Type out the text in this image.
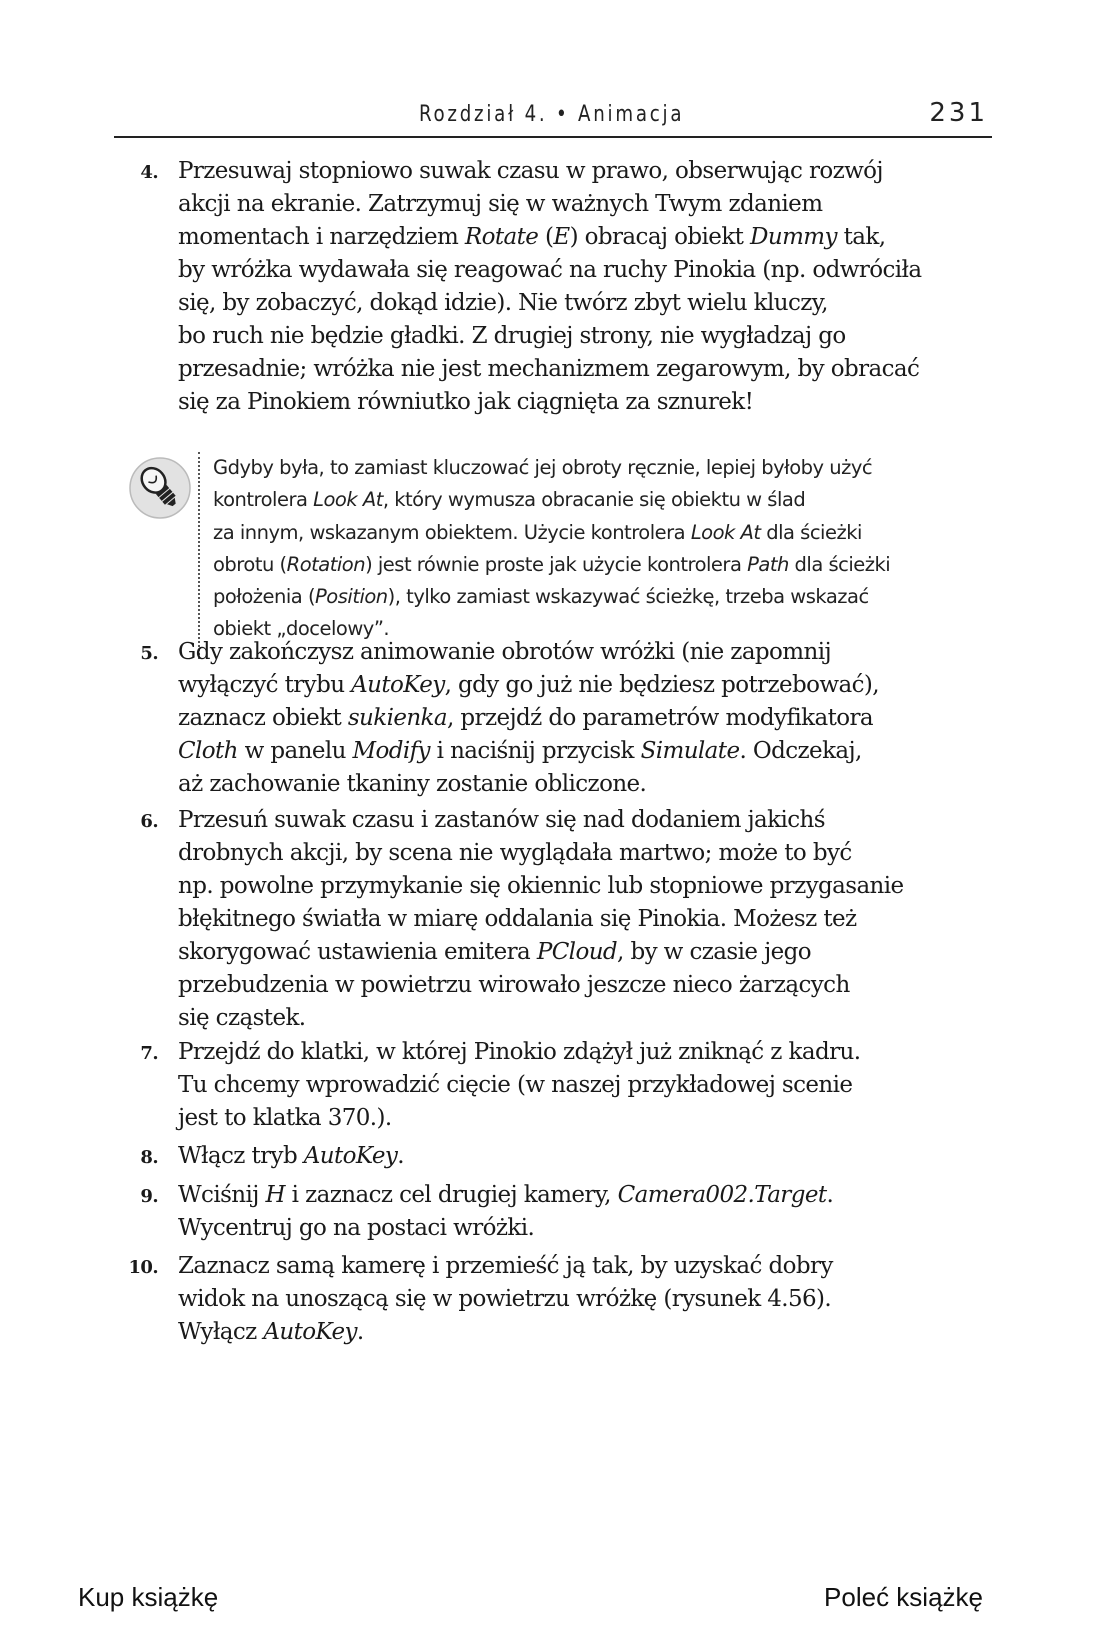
Rozdział 4. • Animacja	231
4. Przesuwaj stopniowo suwak czasu w prawo, obserwując rozwój
akcji na ekranie. Zatrzymuj się w ważnych Twym zdaniem
momentach i narzędziem Rotate (E) obracaj obiekt Dummy tak,
by wróżka wydawała się reagować na ruchy Pinokia (np. odwróciła
się, by zobaczyć, dokąd idzie). Nie twórz zbyt wielu kluczy,
bo ruch nie będzie gładki. Z drugiej strony, nie wygładzaj go
przesadnie; wróżka nie jest mechanizmem zegarowym, by obracać
się za Pinokiem równiutko jak ciągnięta za sznurek!
Gdyby była, to zamiast kluczować jej obroty ręcznie, lepiej byłoby użyć
kontrolera Look At, który wymusza obracanie się obiektu w ślad
za innym, wskazanym obiektem. Użycie kontrolera Look At dla ścieżki
obrotu (Rotation) jest równie proste jak użycie kontrolera Path dla ścieżki
położenia (Position), tylko zamiast wskazywać ścieżkę, trzeba wskazać
obiekt „docelowy”.
5. Gdy zakończysz animowanie obrotów wróżki (nie zapomnij
wyłączyć trybu AutoKey, gdy go już nie będziesz potrzebować),
zaznacz obiekt sukienka, przejdź do parametrów modyfikatora
Cloth w panelu Modify i naciśnij przycisk Simulate. Odczekaj,
aż zachowanie tkaniny zostanie obliczone.
6. Przesuń suwak czasu i zastanów się nad dodaniem jakichś
drobnych akcji, by scena nie wyglądała martwo; może to być
np. powolne przymykanie się okiennic lub stopniowe przygasanie
błękitnego światła w miarę oddalania się Pinokia. Możesz też
skorygować ustawienia emitera PCloud, by w czasie jego
przebudzenia w powietrzu wirowało jeszcze nieco żarzących
się cząstek.
7. Przejdź do klatki, w której Pinokio zdążył już zniknąć z kadru.
Tu chcemy wprowadzić cięcie (w naszej przykładowej scenie
jest to klatka 370.).
8. Włącz tryb AutoKey.
9. Wciśnij H i zaznacz cel drugiej kamery, Camera002.Target.
Wycentruj go na postaci wróżki.
10. Zaznacz samą kamerę i przemieść ją tak, by uzyskać dobry
widok na unoszącą się w powietrzu wróżkę (rysunek 4.56).
Wyłącz AutoKey.
Kup książkę	Poleć książkę
